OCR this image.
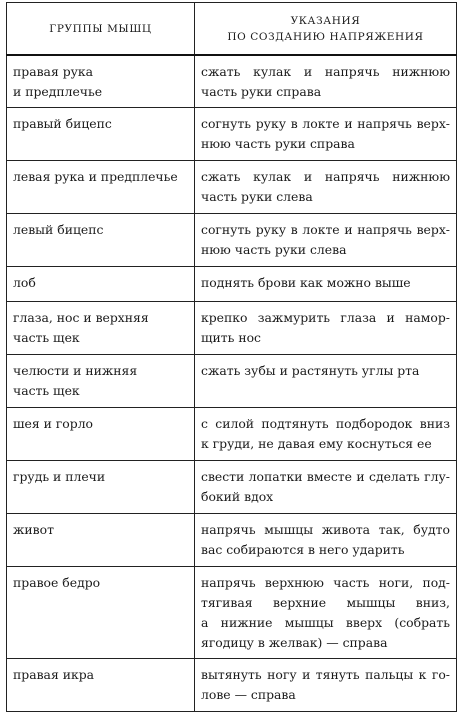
ГРУППЫ МЫШЦ	УКАЗАНИЯ
ПО СОЗДАНИЮ НАПРЯЖЕНИЯ

правая рука
и предплечье	сжать кулак и напрячь нижнюю
часть руки справа

правый бицепс	согнуть руку в локте и напрячь верх-
нюю часть руки справа

левая рука и предплечье	сжать кулак и напрячь нижнюю
часть руки слева

левый бицепс	согнуть руку в локте и напрячь верх-
нюю часть руки слева

лоб	поднять брови как можно выше

глаза, нос и верхняя
часть щек	крепко зажмурить глаза и намор-
щить нос

челюсти и нижняя
часть щек	сжать зубы и растянуть углы рта

шея и горло	с силой подтянуть подбородок вниз
к груди, не давая ему коснуться ее

грудь и плечи	свести лопатки вместе и сделать глу-
бокий вдох

живот	напрячь мышцы живота так, будто
вас собираются в него ударить

правое бедро	напрячь верхнюю часть ноги, под-
тягивая верхние мышцы вниз,
а нижние мышцы вверх (собрать
ягодицу в желвак) — справа

правая икра	вытянуть ногу и тянуть пальцы к го-
лове — справа
